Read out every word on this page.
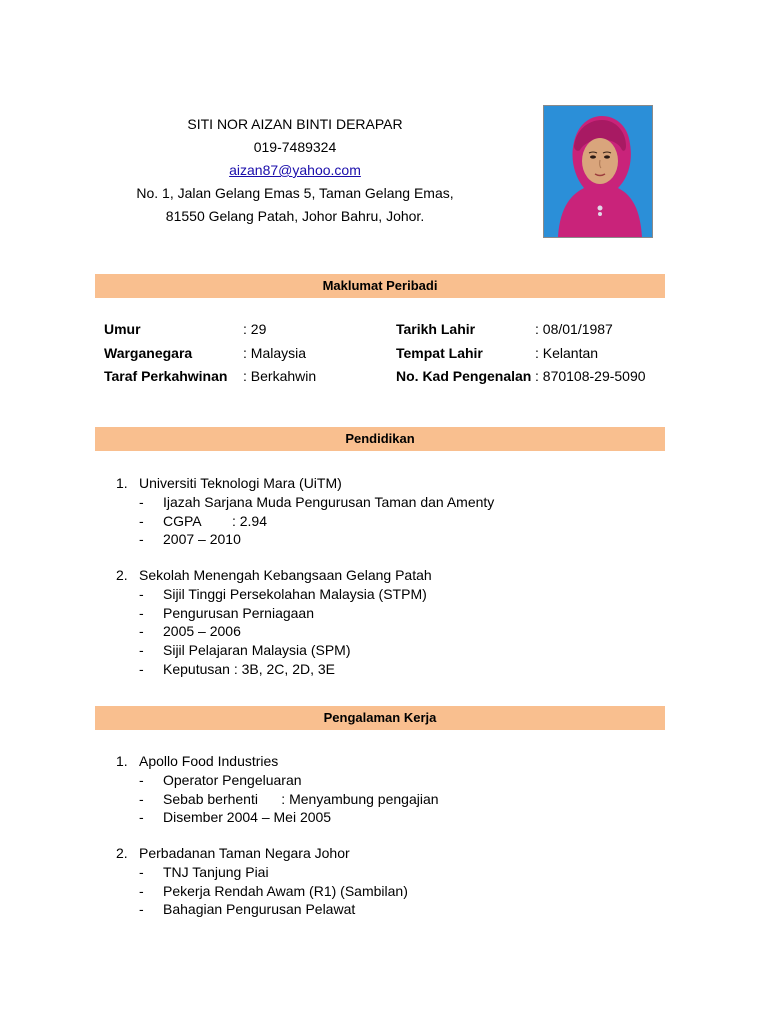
SITI NOR AIZAN BINTI DERAPAR
019-7489324
aizan87@yahoo.com
No. 1, Jalan Gelang Emas 5, Taman Gelang Emas,
81550 Gelang Patah, Johor Bahru, Johor.
Maklumat Peribadi
Umur	: 29	Tarikh Lahir	: 08/01/1987
Warganegara	: Malaysia	Tempat Lahir	: Kelantan
Taraf Perkahwinan : Berkahwin	No. Kad Pengenalan : 870108-29-5090
Pendidikan
1. Universiti Teknologi Mara (UiTM)
- Ijazah Sarjana Muda Pengurusan Taman dan Amenty
- CGPA        : 2.94
- 2007 – 2010
2. Sekolah Menengah Kebangsaan Gelang Patah
- Sijil Tinggi Persekolahan Malaysia (STPM)
- Pengurusan Perniagaan
- 2005 – 2006
- Sijil Pelajaran Malaysia (SPM)
- Keputusan : 3B, 2C, 2D, 3E
Pengalaman Kerja
1. Apollo Food Industries
- Operator Pengeluaran
- Sebab berhenti      : Menyambung pengajian
- Disember 2004 – Mei 2005
2. Perbadanan Taman Negara Johor
- TNJ Tanjung Piai
- Pekerja Rendah Awam (R1) (Sambilan)
- Bahagian Pengurusan Pelawat
